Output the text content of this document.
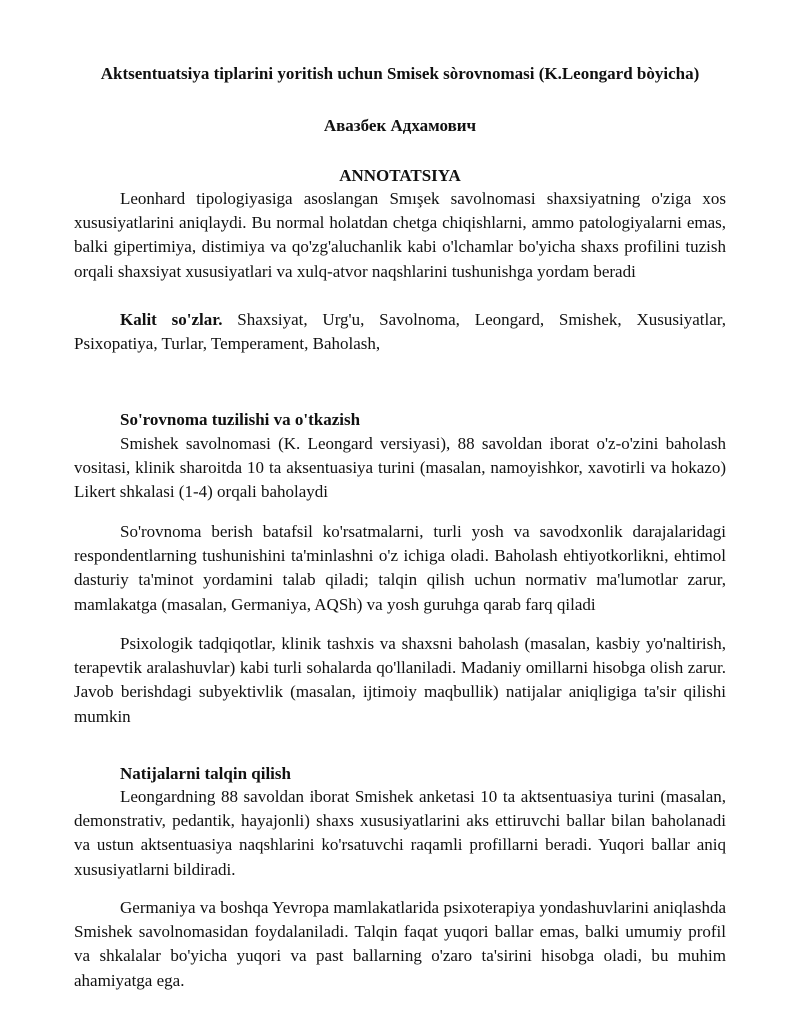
Aktsentuatsiya tiplarini yoritish uchun Smisek sòrovnomasi (K.Leongard bòyicha)
Авазбек Адхамович
ANNOTATSIYA
Leonhard tipologiyasiga asoslangan Smışek savolnomasi shaxsiyatning o'ziga xos xususiyatlarini aniqlaydi. Bu normal holatdan chetga chiqishlarni, ammo patologiyalarni emas, balki gipertimiya, distimiya va qo'zg'aluchanlik kabi o'lchamlar bo'yicha shaxs profilini tuzish orqali shaxsiyat xususiyatlari va xulq-atvor naqshlarini tushunishga yordam beradi
Kalit so'zlar. Shaxsiyat, Urg'u, Savolnoma, Leongard, Smishek, Xususiyatlar, Psixopatiya, Turlar, Temperament, Baholash,
So'rovnoma tuzilishi va o'tkazish
Smishek savolnomasi (K. Leongard versiyasi), 88 savoldan iborat o'z-o'zini baholash vositasi, klinik sharoitda 10 ta aksentuasiya turini (masalan, namoyishkor, xavotirli va hokazo) Likert shkalasi (1-4) orqali baholaydi
So'rovnoma berish batafsil ko'rsatmalarni, turli yosh va savodxonlik darajalaridagi respondentlarning tushunishini ta'minlashni o'z ichiga oladi. Baholash ehtiyotkorlikni, ehtimol dasturiy ta'minot yordamini talab qiladi; talqin qilish uchun normativ ma'lumotlar zarur, mamlakatga (masalan, Germaniya, AQSh) va yosh guruhga qarab farq qiladi
Psixologik tadqiqotlar, klinik tashxis va shaxsni baholash (masalan, kasbiy yo'naltirish, terapevtik aralashuvlar) kabi turli sohalarda qo'llaniladi. Madaniy omillarni hisobga olish zarur. Javob berishdagi subyektivlik (masalan, ijtimoiy maqbullik) natijalar aniqligiga ta'sir qilishi mumkin
Natijalarni talqin qilish
Leongardning 88 savoldan iborat Smishek anketasi 10 ta aktsentuasiya turini (masalan, demonstrativ, pedantik, hayajonli) shaxs xususiyatlarini aks ettiruvchi ballar bilan baholanadi va ustun aktsentuasiya naqshlarini ko'rsatuvchi raqamli profillarni beradi. Yuqori ballar aniq xususiyatlarni bildiradi.
Germaniya va boshqa Yevropa mamlakatlarida psixoterapiya yondashuvlarini aniqlashda Smishek savolnomasidan foydalaniladi. Talqin faqat yuqori ballar emas, balki umumiy profil va shkalalar bo'yicha yuqori va past ballarning o'zaro ta'sirini hisobga oladi, bu muhim ahamiyatga ega.
